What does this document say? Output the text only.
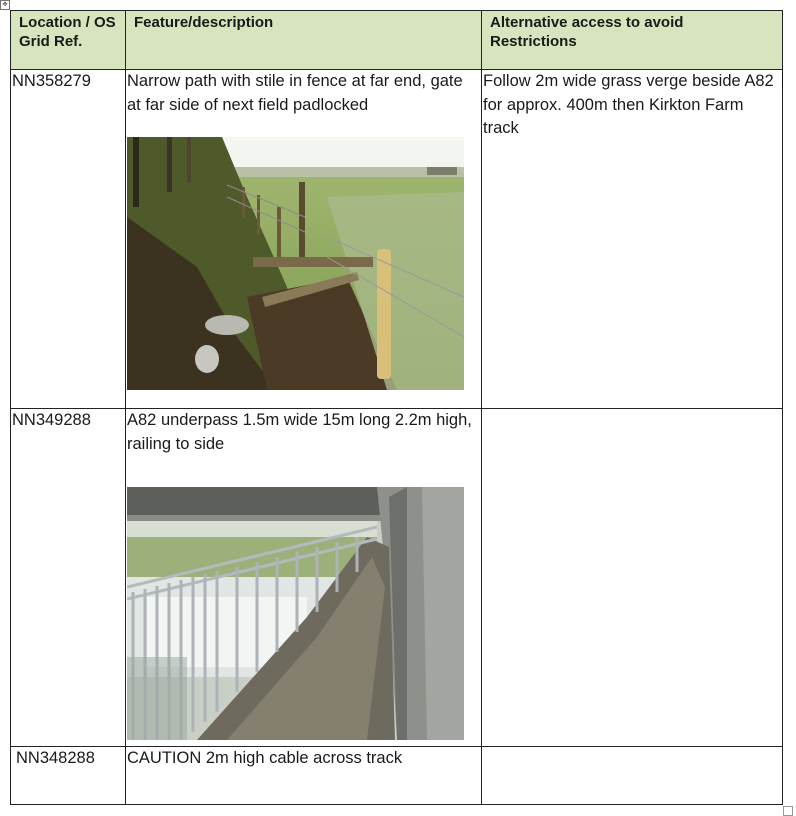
✥
Location / OS Grid Ref.	Feature/description	Alternative access to avoid Restrictions

NN358279	Narrow path with stile in fence at far end, gate at far side of next field padlocked	Follow 2m wide grass verge beside A82 for approx. 400m then Kirkton Farm track

NN349288	A82 underpass 1.5m wide 15m long 2.2m high, railing to side	

NN348288	CAUTION 2m high cable across track	
